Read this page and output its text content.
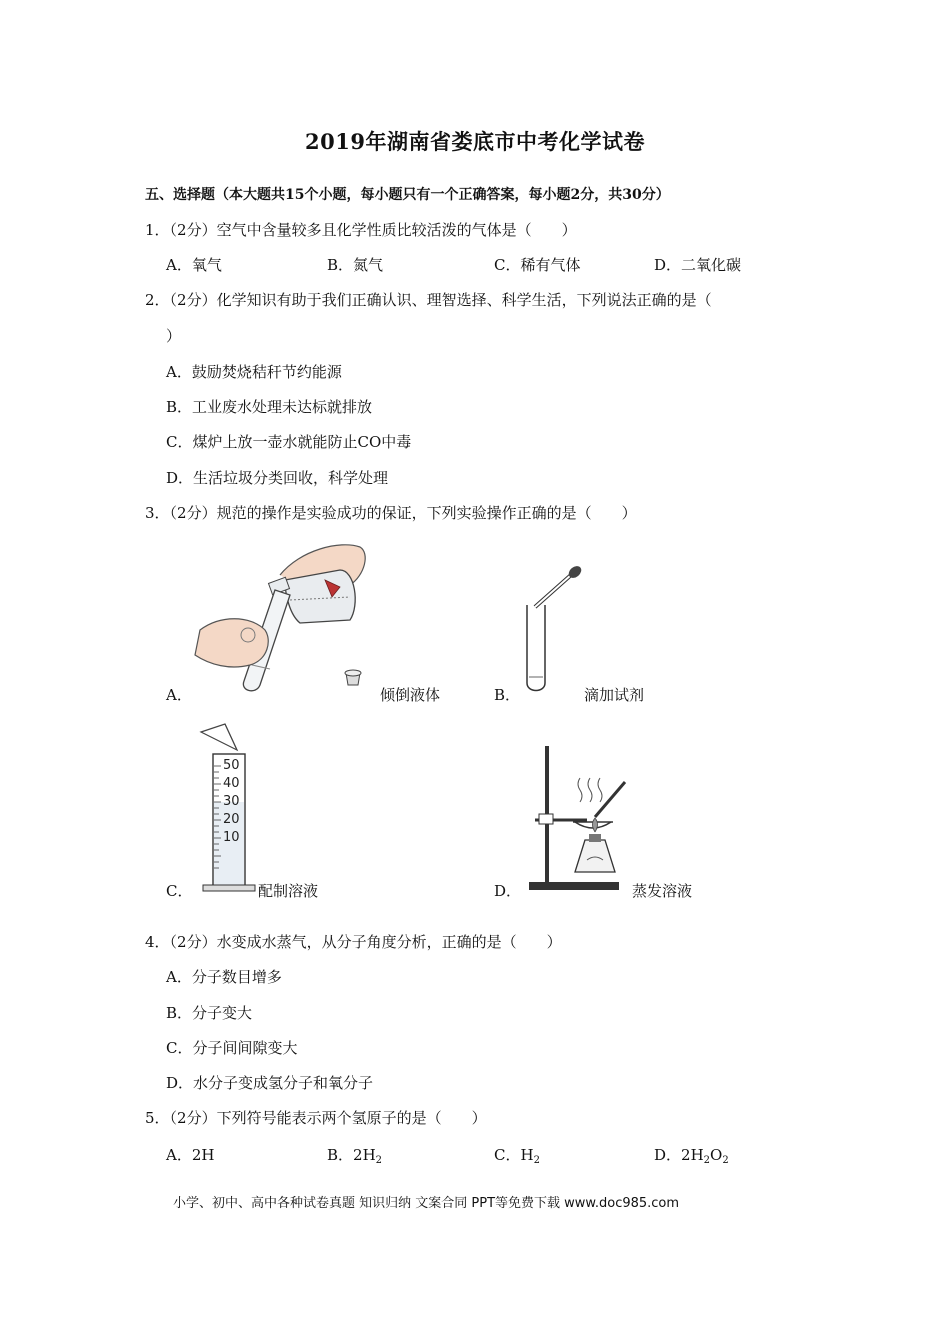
2019年湖南省娄底市中考化学试卷
五、选择题（本大题共15个小题，每小题只有一个正确答案，每小题2分，共30分）
1．（2分）空气中含量较多且化学性质比较活泼的气体是（　　）
A．氧气	B．氮气	C．稀有气体	D．二氧化碳
2．（2分）化学知识有助于我们正确认识、理智选择、科学生活，下列说法正确的是（
）
A．鼓励焚烧秸秆节约能源
B．工业废水处理未达标就排放
C．煤炉上放一壶水就能防止CO中毒
D．生活垃圾分类回收，科学处理
3．（2分）规范的操作是实验成功的保证，下列实验操作正确的是（　　）
A．	倾倒液体	B．	滴加试剂
C．
50
40
30
20
10
配制溶液	D．	蒸发溶液
4．（2分）水变成水蒸气，从分子角度分析，正确的是（　　）
A．分子数目增多
B．分子变大
C．分子间间隙变大
D．水分子变成氢分子和氧分子
5．（2分）下列符号能表示两个氢原子的是（　　）
A．2H	B．$2H_2$	C．$H_2$	D．$2H_2O_2$
小学、初中、高中各种试卷真题 知识归纳 文案合同 PPT等免费下载 www.doc985.com
